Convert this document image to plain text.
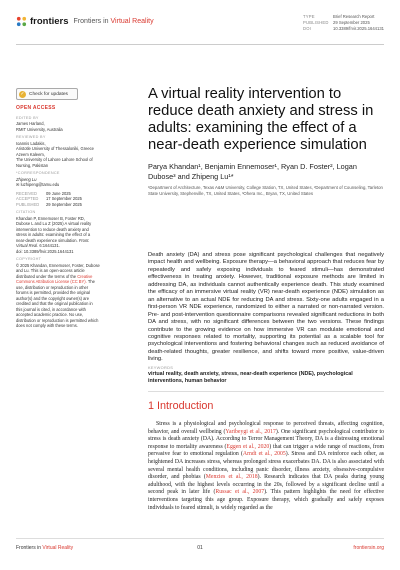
frontiers Frontiers in Virtual Reality
TYPE	Brief Research Report
PUBLISHED	29 September 2025
DOI	10.3389/frvir.2025.1644131
✓ Check for updates
OPEN ACCESS
EDITED BY

James Harland,
RMIT University, Australia

REVIEWED BY

Ioannis Ladakis,
Aristotle University of Thessaloniki, Greece
Azeem Kaleem,
The University of Lahore Lahore School of Nursing, Pakistan

*CORRESPONDENCE

Zhipeng Lu

✉ luzhipeng@tamu.edu

RECEIVED	09 June 2025
ACCEPTED	17 September 2025
PUBLISHED	29 September 2025
CITATION

Khandan P, Ennemoser B, Foster RD, Dubose L and Lu Z (2025) A virtual reality intervention to reduce death anxiety and stress in adults: examining the effect of a near-death experience simulation. Front. Virtual Real. 6:1644131.
doi: 10.3389/frvir.2025.1644131

COPYRIGHT

© 2025 Khandan, Ennemoser, Foster, Dubose and Lu. This is an open-access article distributed under the terms of the Creative Commons Attribution License (CC BY). The use, distribution or reproduction in other forums is permitted, provided the original author(s) and the copyright owner(s) are credited and that the original publication in this journal is cited, in accordance with accepted academic practice. No use, distribution or reproduction is permitted which does not comply with these terms.

A virtual reality intervention to reduce death anxiety and stress in adults: examining the effect of a near-death experience simulation
Parya Khandan¹, Benjamin Ennemoser¹, Ryan D. Foster², Logan Dubose³ and Zhipeng Lu¹*
¹Department of Architecture, Texas A&M University, College Station, TX, United States, ²Department of Counseling, Tarleton State University, Stephenville, TX, United States, ³Ohera Inc., Bryan, TX, United States

Death anxiety (DA) and stress pose significant psychological challenges that negatively impact health and wellbeing. Exposure therapy—a behavioral approach that reduces fear by repeatedly and safely exposing individuals to feared stimuli—has demonstrated effectiveness in treating anxiety. However, traditional exposure methods are limited in addressing DA, as individuals cannot authentically experience death. This study examined the efficacy of an immersive virtual reality (VR) near-death experience (NDE) simulation as an alternative to an actual NDE for reducing DA and stress. Sixty-one adults engaged in a first-person VR NDE experience, randomized to either a narrated or non-narrated version. Pre- and post-intervention questionnaire comparisons revealed significant reductions in both DA and stress, with no significant differences between the two versions. These findings contribute to the growing evidence on how immersive VR can modulate emotional and cognitive responses related to mortality, supporting its potential as a scalable tool for psychological interventions and fostering behavioral changes such as reduced avoidance of death-related thoughts, greater resilience, and shifts toward more positive, value-driven living.

KEYWORDS

virtual reality, death anxiety, stress, near-death experience (NDE), psychological interventions, human behavior

1 Introduction

Stress is a physiological and psychological response to perceived threats, affecting cognition, behavior, and overall wellbeing (Yaribeygi et al., 2017). One significant psychological contributor to stress is death anxiety (DA). According to Terror Management Theory, DA is a distressing emotional response to mortality awareness (Eggen et al., 2020) that can trigger a wide range of reactions, from pervasive fear to emotional regulation (Arndt et al., 2005). Stress and DA reinforce each other, as heightened DA increases stress, whereas prolonged stress exacerbates DA. DA is also associated with several mental health conditions, including panic disorder, illness anxiety, obsessive-compulsive disorder, and phobias (Menzies et al., 2018). Research indicates that DA peaks during young adulthood, with the highest levels occurring in the 20s, followed by a significant decline until a second peak in later life (Russac et al., 2007). This pattern highlights the need for effective interventions targeting this age group. Exposure therapy, which gradually and safely exposes individuals to feared stimuli, is widely regarded as the

Frontiers in Virtual Reality	01	frontiersin.org
